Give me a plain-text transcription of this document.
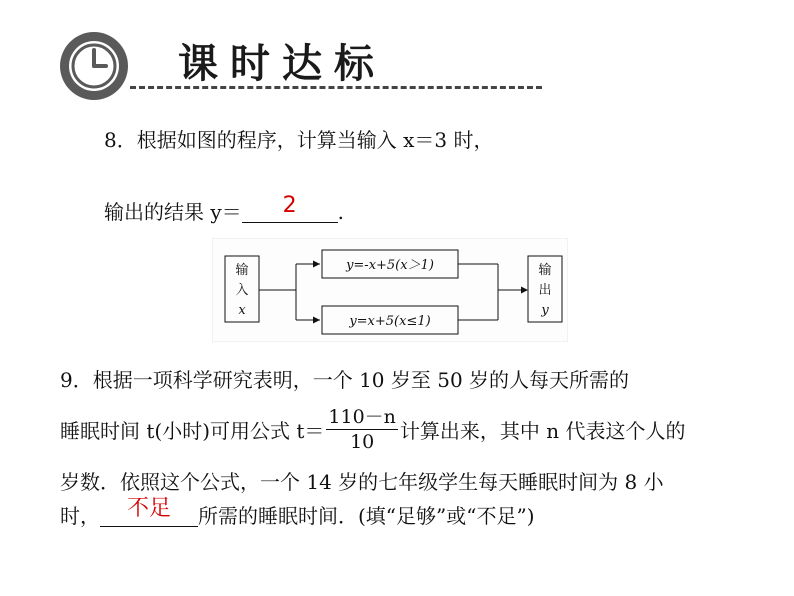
课时达标
8．根据如图的程序，计算当输入 x＝3 时，
输出的结果 y＝	2	.
输
入
x
y=-x+5(x＞1)
y=x+5(x≤1)
输
出
y
9．根据一项科学研究表明，一个 10 岁至 50 岁的人每天所需的
睡眠时间 t(小时)可用公式 $t= \frac{110-n}{10}$ 计算出来，其中 n 代表这个人的
岁数．依照这个公式，一个 14 岁的七年级学生每天睡眠时间为 8 小
时，	不足	所需的睡眠时间．(填“足够”或“不足”)
